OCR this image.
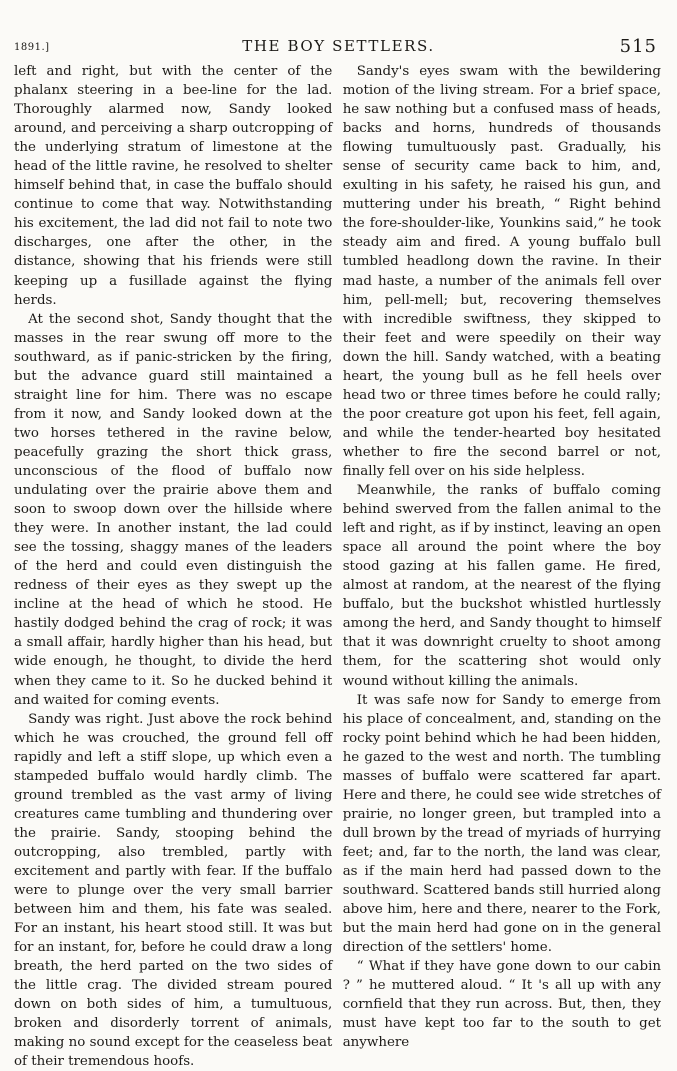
1891.]	THE BOY SETTLERS.	515

left and right, but with the center of the phalanx steering in a bee-line for the lad. Thoroughly alarmed now, Sandy looked around, and perceiving a sharp outcropping of the underlying stratum of limestone at the head of the little ravine, he resolved to shelter himself behind that, in case the buffalo should continue to come that way. Notwithstanding his excitement, the lad did not fail to note two discharges, one after the other, in the distance, showing that his friends were still keeping up a fusillade against the flying herds.

At the second shot, Sandy thought that the masses in the rear swung off more to the southward, as if panic-stricken by the firing, but the advance guard still maintained a straight line for him. There was no escape from it now, and Sandy looked down at the two horses tethered in the ravine below, peacefully grazing the short thick grass, unconscious of the flood of buffalo now undulating over the prairie above them and soon to swoop down over the hillside where they were. In another instant, the lad could see the tossing, shaggy manes of the leaders of the herd and could even distinguish the redness of their eyes as they swept up the incline at the head of which he stood. He hastily dodged behind the crag of rock; it was a small affair, hardly higher than his head, but wide enough, he thought, to divide the herd when they came to it. So he ducked behind it and waited for coming events.

Sandy was right. Just above the rock behind which he was crouched, the ground fell off rapidly and left a stiff slope, up which even a stampeded buffalo would hardly climb. The ground trembled as the vast army of living creatures came tumbling and thundering over the prairie. Sandy, stooping behind the outcropping, also trembled, partly with excitement and partly with fear. If the buffalo were to plunge over the very small barrier between him and them, his fate was sealed. For an instant, his heart stood still. It was but for an instant, for, before he could draw a long breath, the herd parted on the two sides of the little crag. The divided stream poured down on both sides of him, a tumultuous, broken and disorderly torrent of animals, making no sound except for the ceaseless beat of their tremendous hoofs.

Sandy's eyes swam with the bewildering motion of the living stream. For a brief space, he saw nothing but a confused mass of heads, backs and horns, hundreds of thousands flowing tumultuously past. Gradually, his sense of security came back to him, and, exulting in his safety, he raised his gun, and muttering under his breath, “ Right behind the fore-shoulder-like, Younkins said,” he took steady aim and fired. A young buffalo bull tumbled headlong down the ravine. In their mad haste, a number of the animals fell over him, pell-mell; but, recovering themselves with incredible swiftness, they skipped to their feet and were speedily on their way down the hill. Sandy watched, with a beating heart, the young bull as he fell heels over head two or three times before he could rally; the poor creature got upon his feet, fell again, and while the tender-hearted boy hesitated whether to fire the second barrel or not, finally fell over on his side helpless.

Meanwhile, the ranks of buffalo coming behind swerved from the fallen animal to the left and right, as if by instinct, leaving an open space all around the point where the boy stood gazing at his fallen game. He fired, almost at random, at the nearest of the flying buffalo, but the buckshot whistled hurtlessly among the herd, and Sandy thought to himself that it was downright cruelty to shoot among them, for the scattering shot would only wound without killing the animals.

It was safe now for Sandy to emerge from his place of concealment, and, standing on the rocky point behind which he had been hidden, he gazed to the west and north. The tumbling masses of buffalo were scattered far apart. Here and there, he could see wide stretches of prairie, no longer green, but trampled into a dull brown by the tread of myriads of hurrying feet; and, far to the north, the land was clear, as if the main herd had passed down to the southward. Scattered bands still hurried along above him, here and there, nearer to the Fork, but the main herd had gone on in the general direction of the settlers' home.

“ What if they have gone down to our cabin ? ” he muttered aloud. “ It 's all up with any cornfield that they run across. But, then, they must have kept too far to the south to get anywhere
